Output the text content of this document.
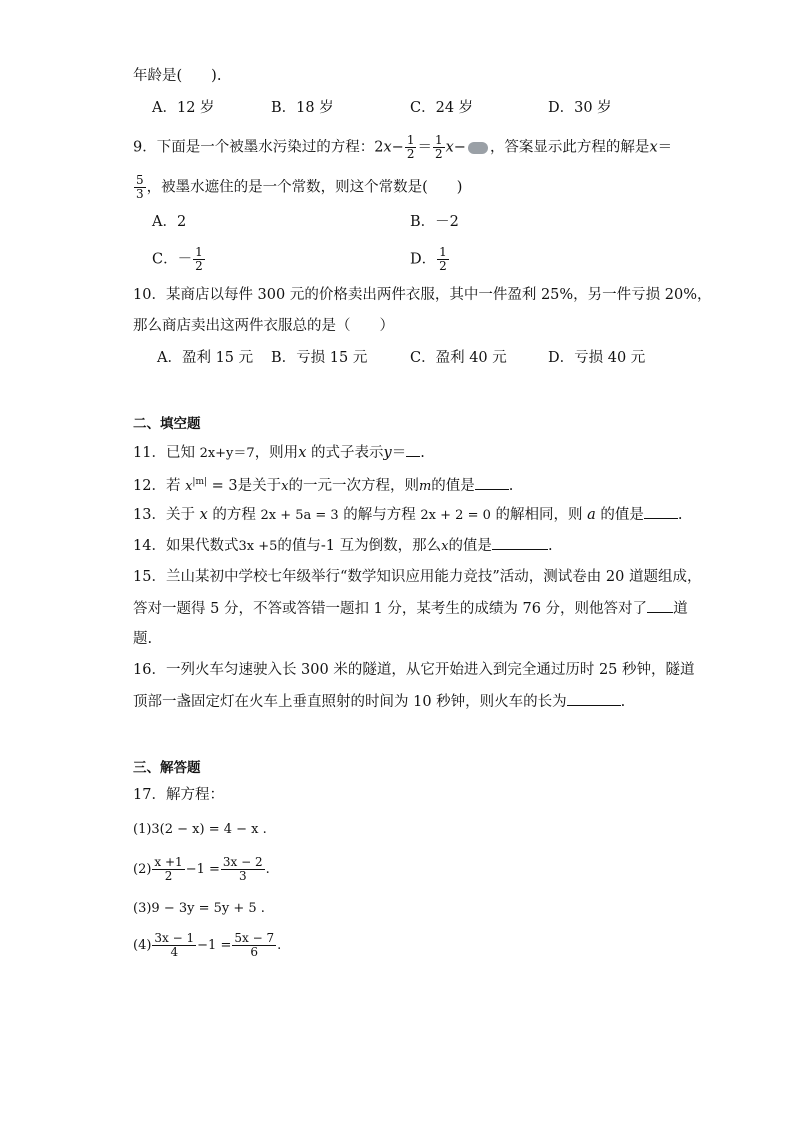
年龄是(　　).
A．12 岁	B．18 岁	C．24 岁	D．30 岁
9．下面是一个被墨水污染过的方程：$2x- \frac{1}{2} = \frac{1}{2} x-$ ，答案显示此方程的解是x＝
$\frac{5}{3}$ ，被墨水遮住的是一个常数，则这个常数是(　　)
A．2	B．－2
C．－ $\frac{1}{2}$	D． $\frac{1}{2}$
10．某商店以每件 300 元的价格卖出两件衣服，其中一件盈利 25%，另一件亏损 20%，
那么商店卖出这两件衣服总的是（　　）
A．盈利 15 元 B．亏损 15 元	C．盈利 40 元	D．亏损 40 元
二、填空题
11．已知 2x+y＝7，则用x 的式子表示y＝ .
12．若 $x^{|m|} = 3$是关于x的一元一次方程，则m的值是 .
13．关于 x 的方程 2x + 5a = 3 的解与方程 2x + 2 = 0 的解相同，则 a 的值是 .
14．如果代数式3x +5的值与-1 互为倒数，那么x的值是	.
15．兰山某初中学校七年级举行“数学知识应用能力竞技”活动，测试卷由 20 道题组成，
答对一题得 5 分，不答或答错一题扣 1 分，某考生的成绩为 76 分，则他答对了 道
题.
16．一列火车匀速驶入长 300 米的隧道，从它开始进入到完全通过历时 25 秒钟，隧道
顶部一盏固定灯在火车上垂直照射的时间为 10 秒钟，则火车的长为	.
三、解答题
17．解方程：
(1)3(2 − x) = 4 − x .
$(2) \frac{x +1}{2} -1 = \frac{3x - 2}{3}$ .
(3)9 − 3y = 5y + 5 .
$(4) \frac{3x - 1}{4} -1 = \frac{5x - 7}{6}$ .
